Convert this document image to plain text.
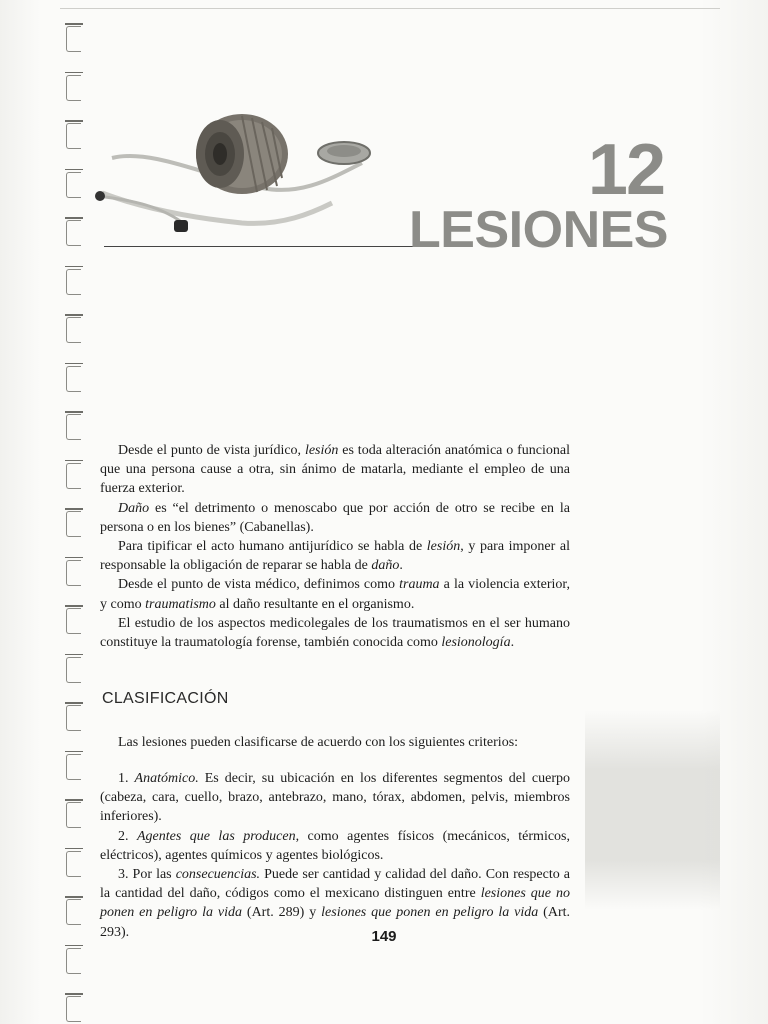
12
LESIONES

Desde el punto de vista jurídico, lesión es toda alteración anatómica o funcional que una persona cause a otra, sin ánimo de matarla, mediante el empleo de una fuerza exterior.

Daño es “el detrimento o menoscabo que por acción de otro se recibe en la persona o en los bienes” (Cabanellas).

Para tipificar el acto humano antijurídico se habla de lesión, y para imponer al responsable la obligación de reparar se habla de daño.

Desde el punto de vista médico, definimos como trauma a la violencia exterior, y como traumatismo al daño resultante en el organismo.

El estudio de los aspectos medicolegales de los traumatismos en el ser humano constituye la traumatología forense, también conocida como lesionología.

CLASIFICACIÓN
Las lesiones pueden clasificarse de acuerdo con los siguientes criterios:

1. Anatómico. Es decir, su ubicación en los diferentes segmentos del cuerpo (cabeza, cara, cuello, brazo, antebrazo, mano, tórax, abdomen, pelvis, miembros inferiores).

2. Agentes que las producen, como agentes físicos (mecánicos, térmicos, eléctricos), agentes químicos y agentes biológicos.

3. Por las consecuencias. Puede ser cantidad y calidad del daño. Con respecto a la cantidad del daño, códigos como el mexicano distinguen entre lesiones que no ponen en peligro la vida (Art. 289) y lesiones que ponen en peligro la vida (Art. 293).	149
